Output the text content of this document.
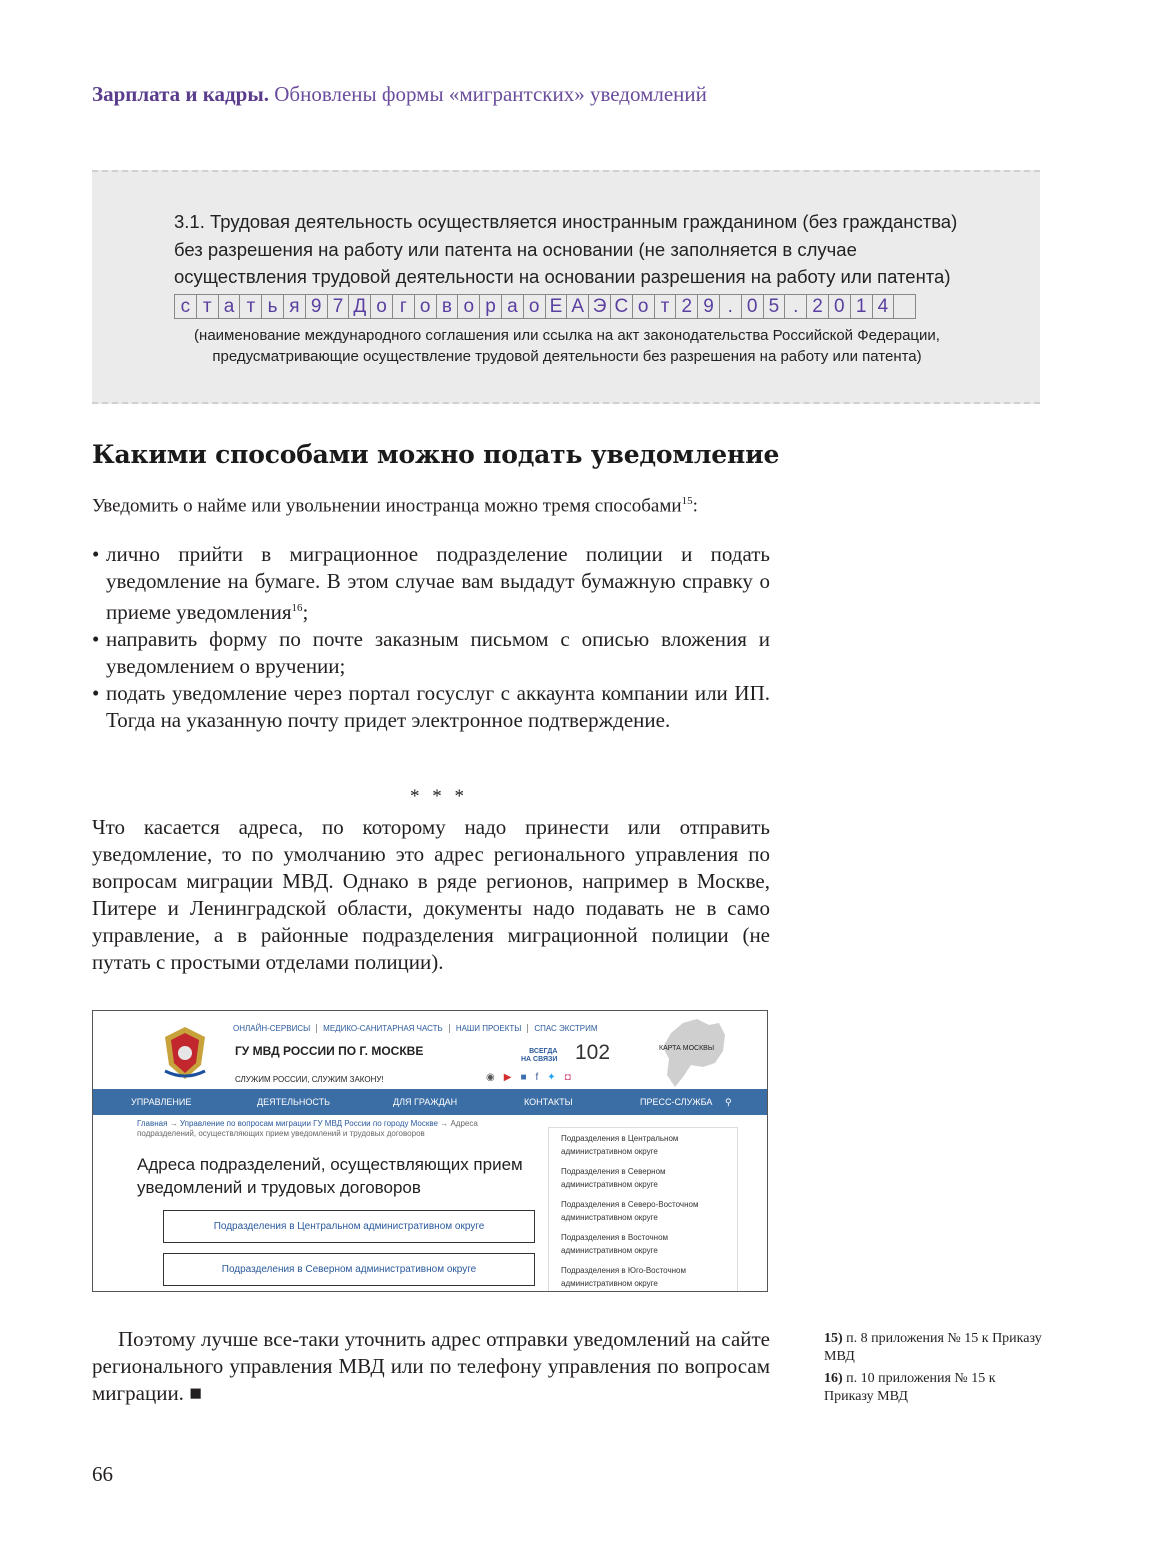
Зарплата и кадры. Обновлены формы «мигрантских» уведомлений
3.1. Трудовая деятельность осуществляется иностранным гражданином (без гражданства) без разрешения на работу или патента на основании (не заполняется в случае осуществления трудовой деятельности на основании разрешения на работу или патента)
с т а т ь я 9 7 Д о г о в о р а о Е А Э С о т 2 9 . 0 5 . 2 0 1 4
(наименование международного соглашения или ссылка на акт законодательства Российской Федерации, предусматривающие осуществление трудовой деятельности без разрешения на работу или патента)
Какими способами можно подать уведомление

Уведомить о найме или увольнении иностранца можно тремя способами$^{15}$:

• лично прийти в миграционное подразделение полиции и подать уведомление на бумаге. В этом случае вам выдадут бумажную справку о приеме уведомления$^{16}$;
• направить форму по почте заказным письмом с описью вложения и уведомлением о вручении;
• подать уведомление через портал госуслуг с аккаунта компании или ИП. Тогда на указанную почту придет электронное подтверждение.
* * *

Что касается адреса, по которому надо принести или отправить уведомление, то по умолчанию это адрес регионального управления по вопросам миграции МВД. Однако в ряде регионов, например в Москве, Питере и Ленинградской области, документы надо подавать не в само управление, а в районные подразделения миграционной полиции (не путать с простыми отделами полиции).

ОНЛАЙН-СЕРВИСЫ МЕДИКО-САНИТАРНАЯ ЧАСТЬ НАШИ ПРОЕКТЫ СПАС ЭКСТРИМ
ГУ МВД РОССИИ ПО Г. МОСКВЕ
СЛУЖИМ РОССИИ, СЛУЖИМ ЗАКОНУ!
ВСЕГДА
НА СВЯЗИ 102
◉ ▶ ■ f ✦ ◘
КАРТА МОСКВЫ
⚲
УПРАВЛЕНИЕ	ДЕЯТЕЛЬНОСТЬ	ДЛЯ ГРАЖДАН	КОНТАКТЫ	ПРЕСС-СЛУЖБА
Главная → Управление по вопросам миграции ГУ МВД России по городу Москве → Адреса подразделений, осуществляющих прием уведомлений и трудовых договоров
Адреса подразделений, осуществляющих прием уведомлений и трудовых договоров
Подразделения в Центральном административном округе
Подразделения в Северном административном округе
Подразделения в Центральном административном округе
Подразделения в Северном административном округе
Подразделения в Северо-Восточном административном округе
Подразделения в Восточном административном округе
Подразделения в Юго-Восточном административном округе

Поэтому лучше все-таки уточнить адрес отправки уведомлений на сайте регионального управления МВД или по телефону управления по вопросам миграции. ■

15) п. 8 приложения № 15 к Приказу МВД
16) п. 10 приложения № 15 к Приказу МВД
66
